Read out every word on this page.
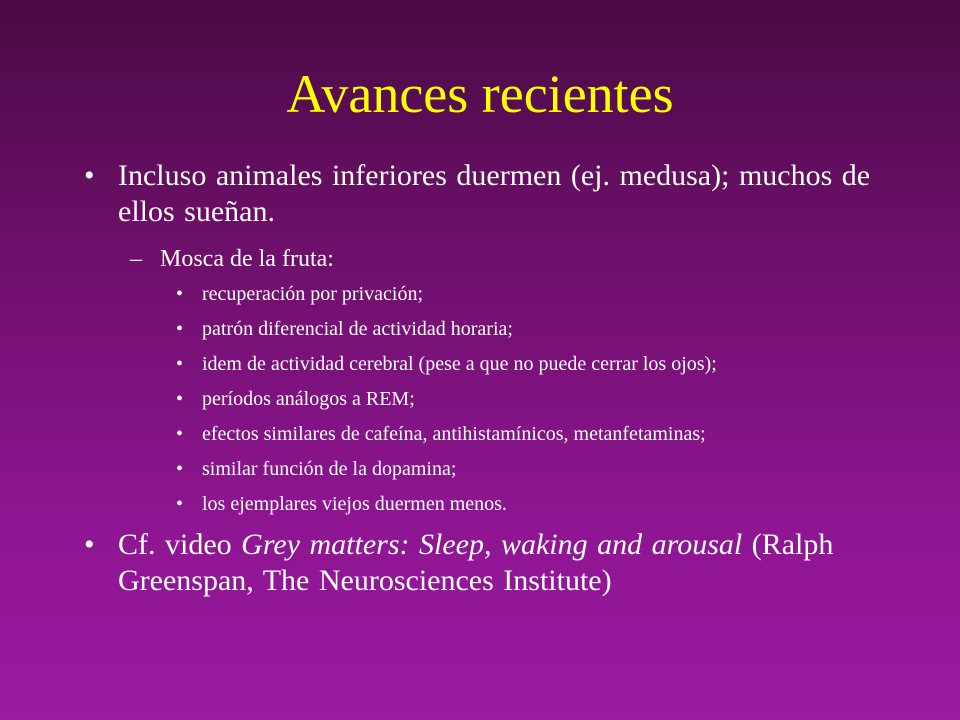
Avances recientes
• Incluso animales inferiores duermen (ej. medusa); muchos de ellos sueñan.
– Mosca de la fruta:
• recuperación por privación;
• patrón diferencial de actividad horaria;
• idem de actividad cerebral (pese a que no puede cerrar los ojos);
• períodos análogos a REM;
• efectos similares de cafeína, antihistamínicos, metanfetaminas;
• similar función de la dopamina;
• los ejemplares viejos duermen menos.
• Cf. video Grey matters: Sleep, waking and arousal (Ralph Greenspan, The Neurosciences Institute)
